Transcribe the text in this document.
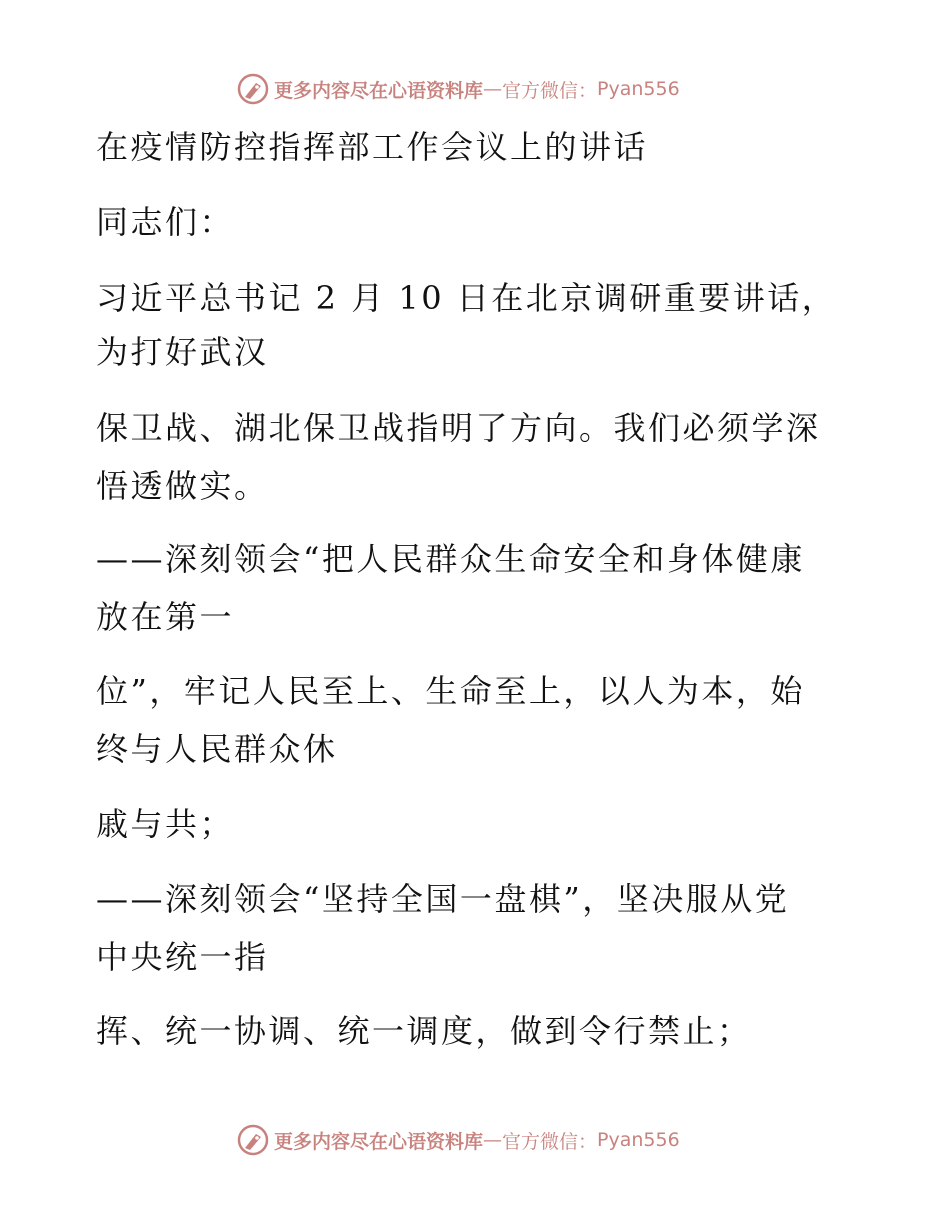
更多内容尽在心语资料库 — 官方微信： Pyan556
在疫情防控指挥部工作会议上的讲话
同志们：
习近平总书记 2 月 10 日在北京调研重要讲话，
为打好武汉
保卫战、湖北保卫战指明了方向。我们必须学深
悟透做实。
——深刻领会“把人民群众生命安全和身体健康
放在第一
位”，牢记人民至上、生命至上，以人为本，始
终与人民群众休
戚与共；
——深刻领会“坚持全国一盘棋”，坚决服从党
中央统一指
挥、统一协调、统一调度，做到令行禁止；
更多内容尽在心语资料库 — 官方微信： Pyan556
